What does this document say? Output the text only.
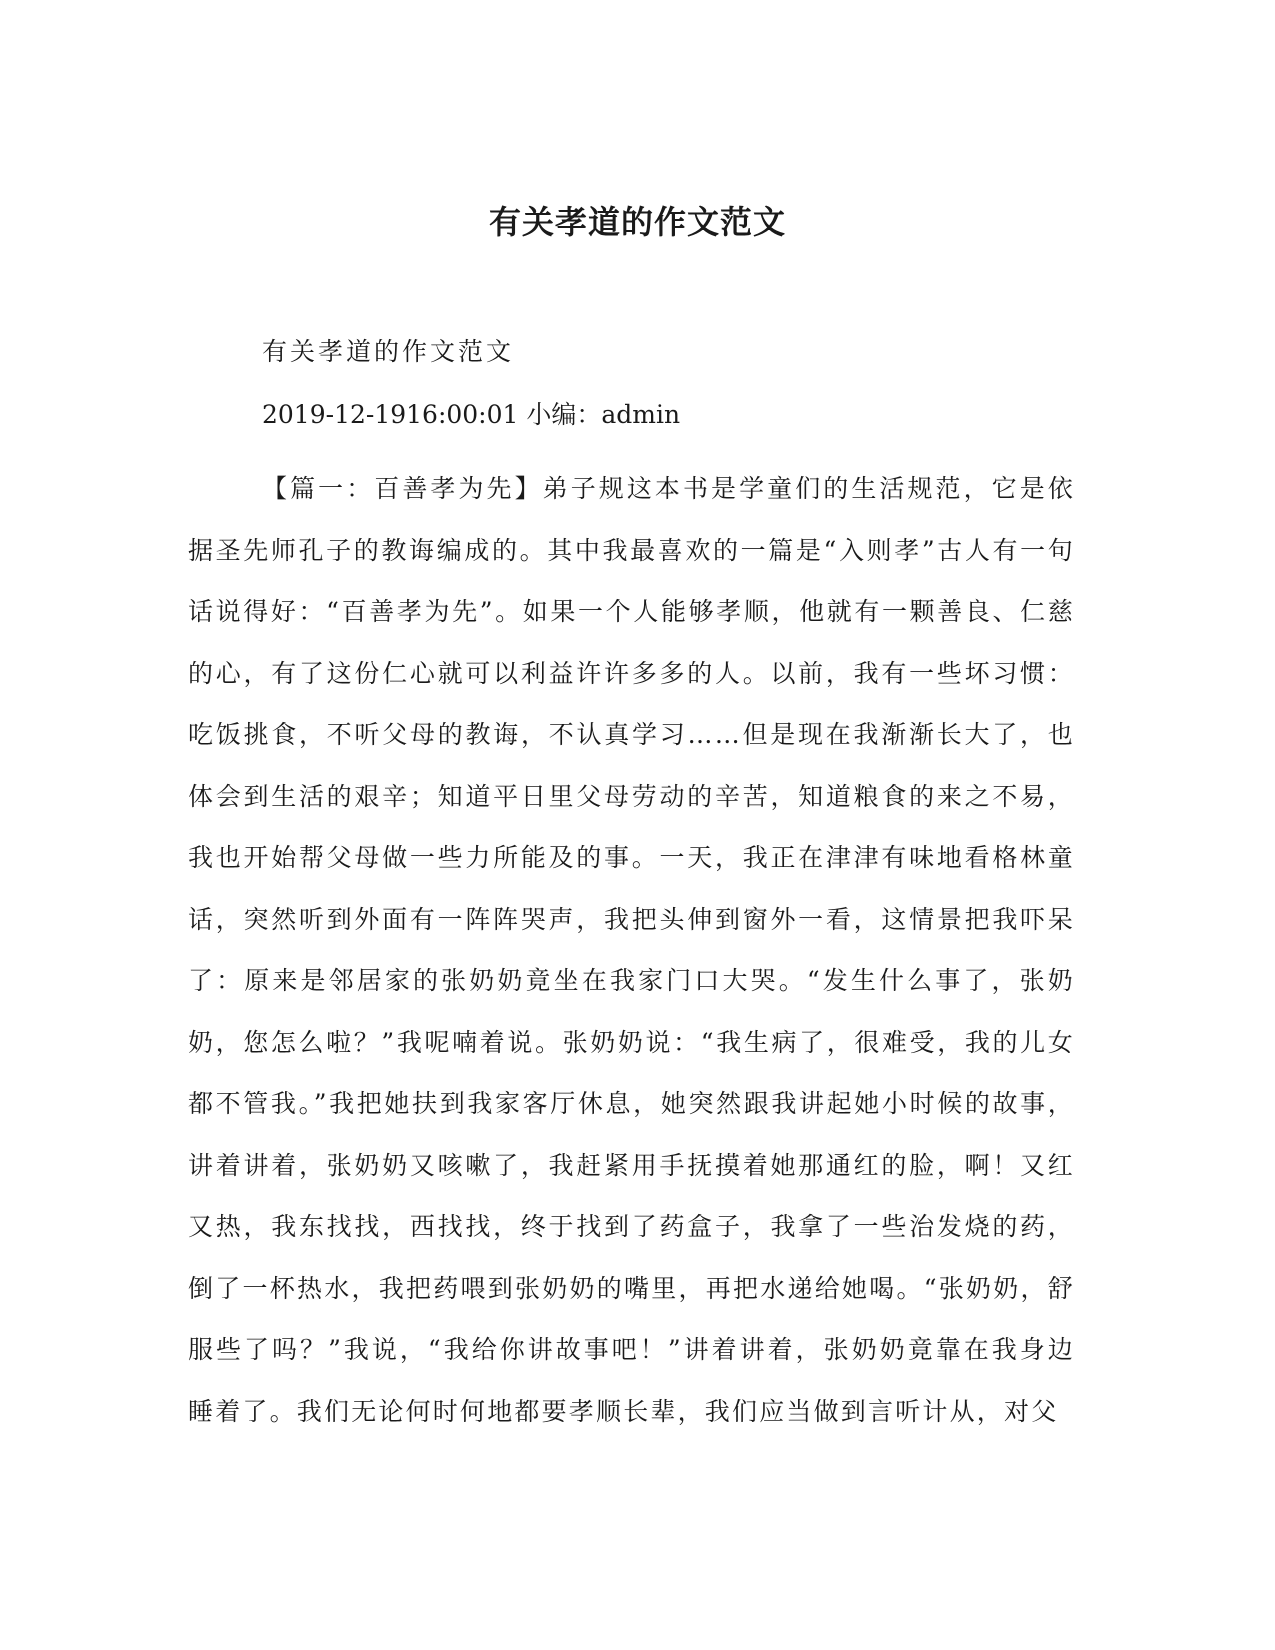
有关孝道的作文范文

有关孝道的作文范文

2019-12-1916:00:01 小编：admin

【篇一：百善孝为先】弟子规这本书是学童们的生活规范，它是依据圣先师孔子的教诲编成的。其中我最喜欢的一篇是“入则孝”古人有一句话说得好：“百善孝为先”。如果一个人能够孝顺，他就有一颗善良、仁慈的心，有了这份仁心就可以利益许许多多的人。以前，我有一些坏习惯：吃饭挑食，不听父母的教诲，不认真学习……但是现在我渐渐长大了，也体会到生活的艰辛；知道平日里父母劳动的辛苦，知道粮食的来之不易，我也开始帮父母做一些力所能及的事。一天，我正在津津有味地看格林童话，突然听到外面有一阵阵哭声，我把头伸到窗外一看，这情景把我吓呆了：原来是邻居家的张奶奶竟坐在我家门口大哭。“发生什么事了，张奶奶，您怎么啦？”我呢喃着说。张奶奶说：“我生病了，很难受，我的儿女都不管我。”我把她扶到我家客厅休息，她突然跟我讲起她小时候的故事，讲着讲着，张奶奶又咳嗽了，我赶紧用手抚摸着她那通红的脸，啊！又红又热，我东找找，西找找，终于找到了药盒子，我拿了一些治发烧的药，倒了一杯热水，我把药喂到张奶奶的嘴里，再把水递给她喝。“张奶奶，舒服些了吗？”我说，“我给你讲故事吧！”讲着讲着，张奶奶竟靠在我身边睡着了。我们无论何时何地都要孝顺长辈，我们应当做到言听计从，对父
